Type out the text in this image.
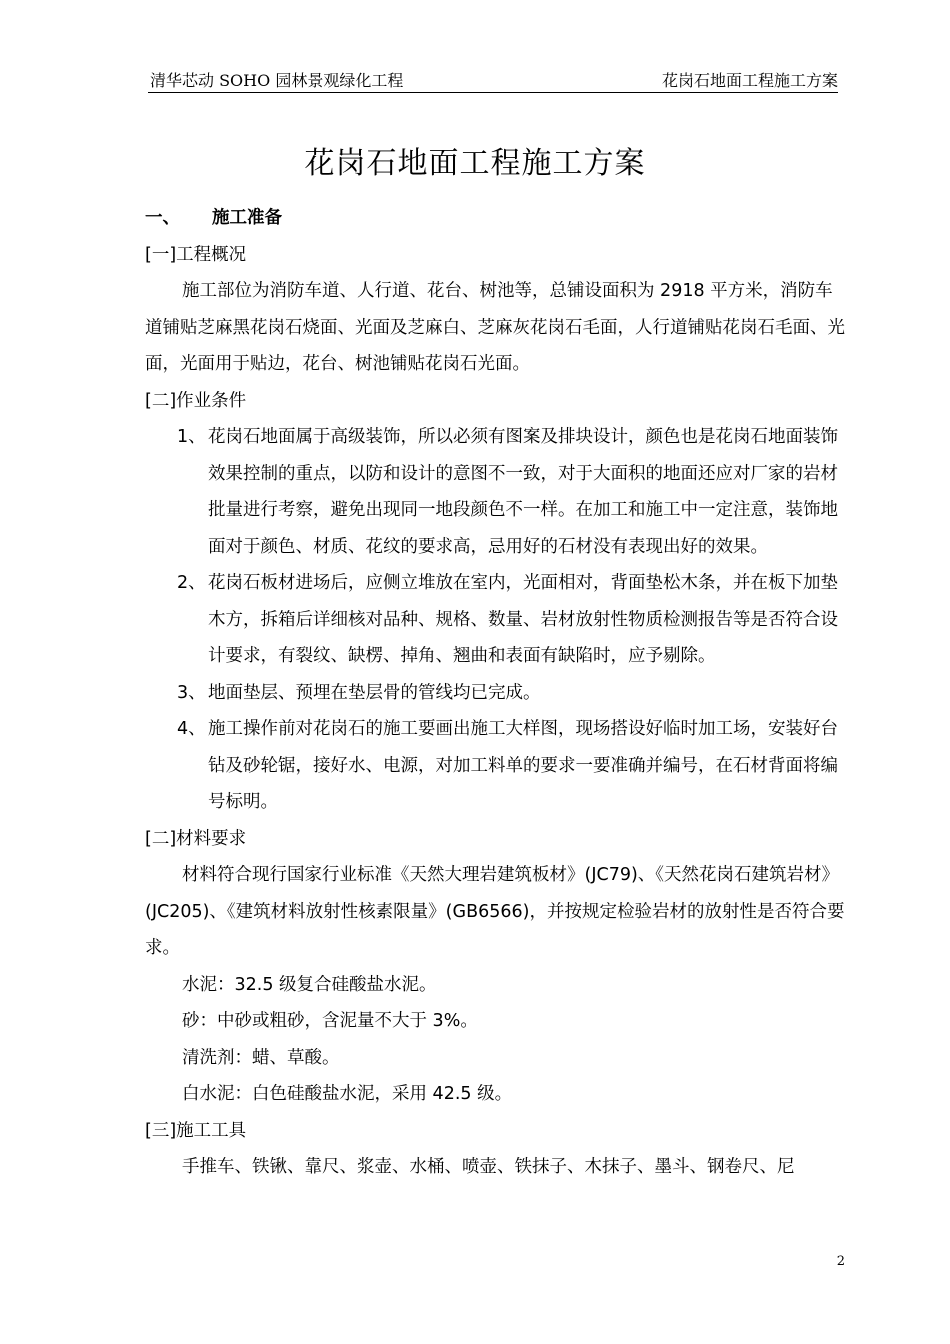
清华芯动 SOHO 园林景观绿化工程	花岗石地面工程施工方案
花岗石地面工程施工方案

一、 施工准备

[一]工程概况

施工部位为消防车道、人行道、花台、树池等，总铺设面积为 2918 平方米，消防车道铺贴芝麻黑花岗石烧面、光面及芝麻白、芝麻灰花岗石毛面，人行道铺贴花岗石毛面、光面，光面用于贴边，花台、树池铺贴花岗石光面。

[二]作业条件

1、 花岗石地面属于高级装饰，所以必须有图案及排块设计，颜色也是花岗石地面装饰效果控制的重点，以防和设计的意图不一致，对于大面积的地面还应对厂家的岩材批量进行考察，避免出现同一地段颜色不一样。在加工和施工中一定注意，装饰地面对于颜色、材质、花纹的要求高，忌用好的石材没有表现出好的效果。
2、 花岗石板材进场后，应侧立堆放在室内，光面相对，背面垫松木条，并在板下加垫木方，拆箱后详细核对品种、规格、数量、岩材放射性物质检测报告等是否符合设计要求，有裂纹、缺楞、掉角、翘曲和表面有缺陷时，应予剔除。
3、 地面垫层、预埋在垫层骨的管线均已完成。
4、 施工操作前对花岗石的施工要画出施工大样图，现场搭设好临时加工场，安装好台钻及砂轮锯，接好水、电源，对加工料单的要求一要准确并编号，在石材背面将编号标明。

[二]材料要求

材料符合现行国家行业标准《天然大理岩建筑板材》(JC79)、《天然花岗石建筑岩材》(JC205)、《建筑材料放射性核素限量》(GB6566)，并按规定检验岩材的放射性是否符合要求。

水泥：32.5 级复合硅酸盐水泥。

砂：中砂或粗砂，含泥量不大于 3%。

清洗剂：蜡、草酸。

白水泥：白色硅酸盐水泥，采用 42.5 级。

[三]施工工具

手推车、铁锹、靠尺、浆壶、水桶、喷壶、铁抹子、木抹子、墨斗、钢卷尺、尼

2
